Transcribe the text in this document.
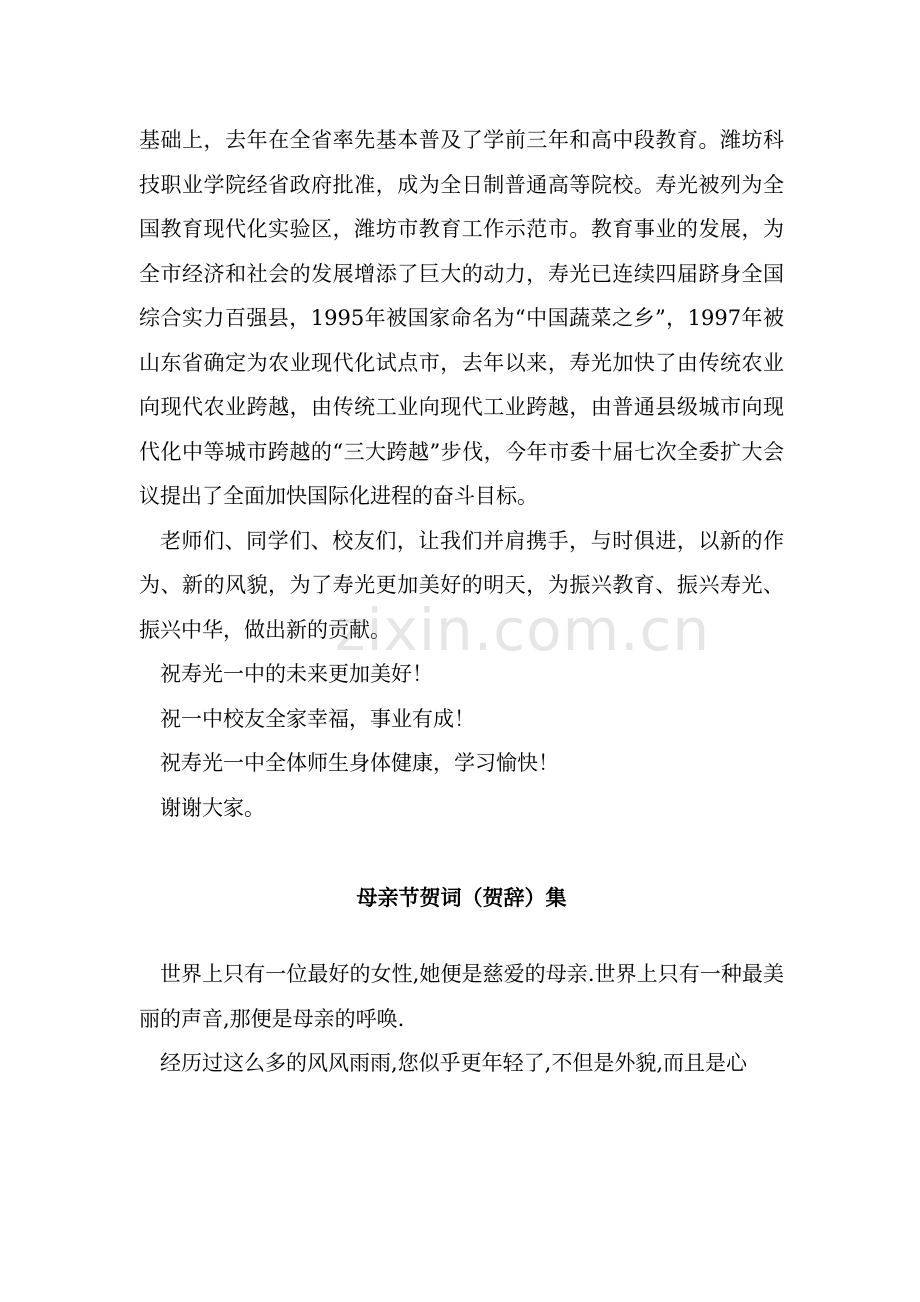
基础上，去年在全省率先基本普及了学前三年和高中段教育。潍坊科技职业学院经省政府批准，成为全日制普通高等院校。寿光被列为全国教育现代化实验区，潍坊市教育工作示范市。教育事业的发展，为全市经济和社会的发展增添了巨大的动力，寿光已连续四届跻身全国综合实力百强县，1995年被国家命名为“中国蔬菜之乡”，1997年被山东省确定为农业现代化试点市，去年以来，寿光加快了由传统农业向现代农业跨越，由传统工业向现代工业跨越，由普通县级城市向现代化中等城市跨越的“三大跨越”步伐，今年市委十届七次全委扩大会议提出了全面加快国际化进程的奋斗目标。

老师们、同学们、校友们，让我们并肩携手，与时俱进，以新的作为、新的风貌，为了寿光更加美好的明天，为振兴教育、振兴寿光、振兴中华，做出新的贡献。

祝寿光一中的未来更加美好！

祝一中校友全家幸福，事业有成！

祝寿光一中全体师生身体健康，学习愉快！

谢谢大家。

母亲节贺词（贺辞）集

世界上只有一位最好的女性,她便是慈爱的母亲.世界上只有一种最美丽的声音,那便是母亲的呼唤.

经历过这么多的风风雨雨,您似乎更年轻了,不但是外貌,而且是心

zixin.com.cn
